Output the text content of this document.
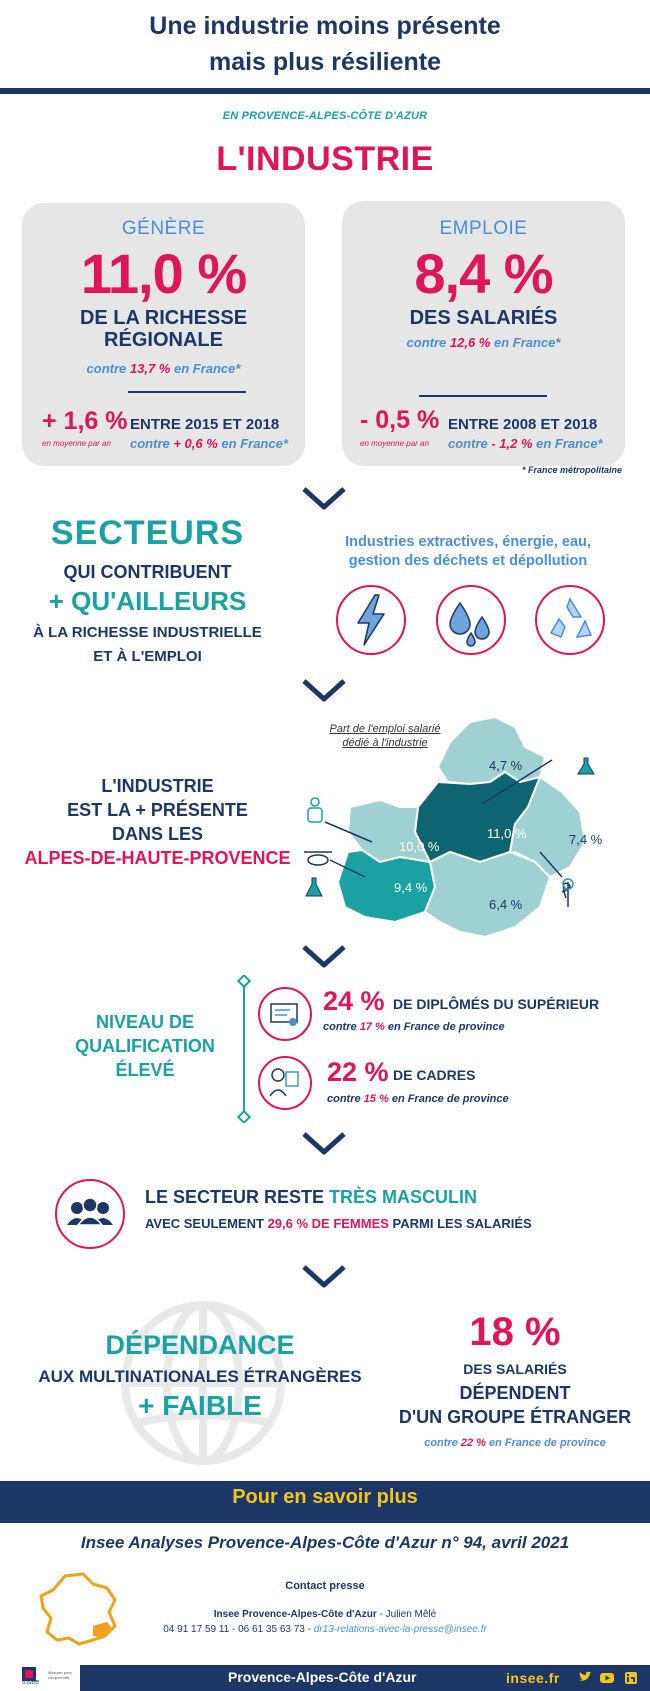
Une industrie moins présente
mais plus résiliente
EN PROVENCE-ALPES-CÔTE D'AZUR
L'INDUSTRIE
GÉNÈRE
11,0 %
DE LA RICHESSE
RÉGIONALE
contre 13,7 % en France*
+ 1,6 %
en moyenne par an
ENTRE 2015 ET 2018
contre + 0,6 % en France*
EMPLOIE
8,4 %
DES SALARIÉS
contre 12,6 % en France*
- 0,5 %
en moyenne par an
ENTRE 2008 ET 2018
contre - 1,2 % en France*
* France métropolitaine
SECTEURS
QUI CONTRIBUENT
+ QU'AILLEURS
À LA RICHESSE INDUSTRIELLE
ET À L'EMPLOI
Industries extractives, énergie, eau,
gestion des déchets et dépollution
L'INDUSTRIE
EST LA + PRÉSENTE
DANS LES
ALPES-DE-HAUTE-PROVENCE
Part de l'emploi salarié
dédié à l'industrie
4,7 %
11,0 %	7,4 %
10,0 %
9,4 %
6,4 %
NIVEAU DE
QUALIFICATION
ÉLEVÉ
24 % DE DIPLÔMÉS DU SUPÉRIEUR
contre 17 % en France de province
22 % DE CADRES
contre 15 % en France de province
LE SECTEUR RESTE TRÈS MASCULIN
AVEC SEULEMENT 29,6 % DE FEMMES PARMI LES SALARIÉS
DÉPENDANCE
AUX MULTINATIONALES ÉTRANGÈRES
+ FAIBLE
18 %
DES SALARIÉS
DÉPENDENT
D'UN GROUPE ÉTRANGER
contre 22 % en France de province
Pour en savoir plus
Insee Analyses Provence-Alpes-Côte d'Azur n° 94, avril 2021
Contact presse
Insee Provence-Alpes-Côte d'Azur - Julien Mêlé
04 91 17 59 11 - 06 61 35 63 73 - dr13-relations-avec-la-presse@insee.fr
Provence-Alpes-Côte d'Azur	insee.fr
Insee
Mesurer pour comprendre
